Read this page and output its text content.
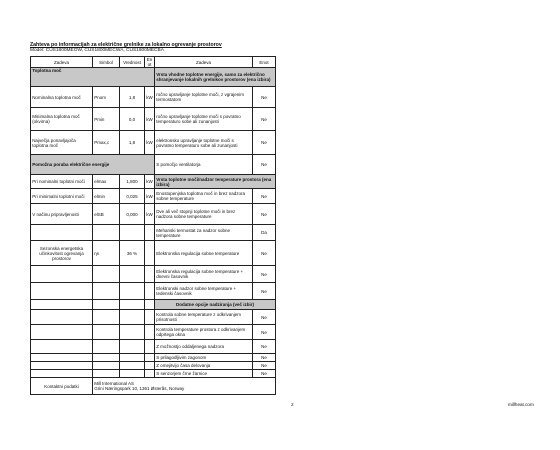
Zahteva po informacijah za električne grelnike za lokalno ogrevanje prostorov
Model: CUS1800MEOW, CUS1800MECWA, CUS1800MECBA
Zadeva	Simbol	Vrednost	Enot	Zadeva	Enot
Toplotna moč				Vrsta vhodne toplotne energije, samo za električno shranjevanje lokalnih grelnikov prostorov (ena izbira)	
Nominalna toplotna moč	Pnom	1,8	kW	ročno upravljanje toplotne moči, z vgrajenim termostatom	Ne
Minimalna toplotna moč (okvirna)	Pmin	0,0	kW	ročno upravljanje toplotne moči s povratno temperaturo sobe ali zunanjosti	Ne
Največja ponavljajoča toplotna moč	Pmax,c	1,8	kW	elektronsko upravljanje toplotne moči s povratno temperaturo sobe ali zunanjosti	Ne
Pomožna poraba električne energije				S pomočjo ventilatorja	Ne
Pri nominalni toplotni moči	elmax	1,800	kW	Vrsta toplotne moči/nadzor temperature prostora (ena izbira)	
Pri minimalni toplotni moči	elmin	0,025	kW	Enostopenjska toplotna moč in brez nadzora sobne temperature	Ne
V načinu pripravljenosti	elSB	0,000	kW	Dve ali več stopnji toplotne moči in brez nadzora sobne temperature	Ne
				Mehanski termostat za nadzor sobne temperature	Da
Sezonska energetska učinkovitost ogrevanja prostorov	ηs	36 %		Elektronska regulacija sobne temperature	Ne
				Elektronska regulacija sobne temperature + dnevni časovnik	Ne
				Elektronski nadzor sobne temperature + tedenski časovnik	Ne
				Dodatne opcije nadziranja (več izbir)	
				Kontrola sobne temperature z odkrivanjem prisotnosti	Ne
				Kontrola temperature prostora z odkrivanjem odprtega okna	Ne
				Z možnostjo oddaljenega nadzora	Ne
				S prilagodljivim zagonom	Ne
				Z omejitvijo časa delovanja	Ne
				S senzorjem črne žarnice	Ne
Kontaktni podatki	Mill International AS
Grini Næringspark 10, 1361 Østerås, Norway				
2	millheat.com
